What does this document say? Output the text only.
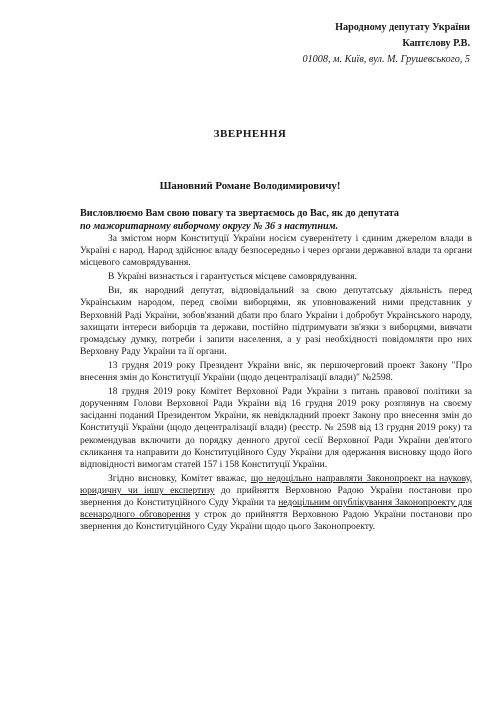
Народному депутату України
Каптєлову Р.В.
01008, м. Київ, вул. М. Грушевського, 5
ЗВЕРНЕННЯ
Шановний Романе Володимировичу!
Висловлюємо Вам свою повагу та звертаємось до Вас, як до депутата
по мажоритарному виборчому округу № 36 з наступним.

За змістом норм Конституції України носієм суверенітету і єдиним джерелом влади в Україні є народ. Народ здійснює владу безпосередньо і через органи державної влади та органи місцевого самоврядування.

В Україні визнається і гарантується місцеве самоврядування.

Ви, як народний депутат, відповідальний за свою депутатську діяльність перед Українським народом, перед своїми виборцями, як уповноважений ними представник у Верховній Раді України, зобов'язаний дбати про благо України і добробут Українського народу, захищати інтереси виборців та держави, постійно підтримувати зв'язки з виборцями, вивчати громадську думку, потреби і запити населення, а у разі необхідності повідомляти про них Верховну Раду України та її органи.

13 грудня 2019 року Президент України вніс, як першочерговий проект Закону "Про внесення змін до Конституції України (щодо децентралізації влади)" №2598.

18 грудня 2019 року Комітет Верховної Ради України з питань правової політики за дорученням Голови Верховної Ради України від 16 грудня 2019 року розглянув на своєму засіданні поданий Президентом України, як невідкладний проект Закону про внесення змін до Конституції України (щодо децентралізації влади) (реєстр. № 2598 від 13 грудня 2019 року) та рекомендував включити до порядку денного другої сесії Верховної Ради України дев'ятого скликання та направити до Конституційного Суду України для одержання висновку щодо його відповідності вимогам статей 157 і 158 Конституції України.

Згідно висновку, Комітет вважає, що недоцільно направляти Законопроект на наукову, юридичну чи іншу експертизу до прийняття Верховною Радою України постанови про звернення до Конституційного Суду України та недоцільним опублікування Законопроекту для всенародного обговорення у строк до прийняття Верховною Радою України постанови про звернення до Конституційного Суду України щодо цього Законопроекту.
